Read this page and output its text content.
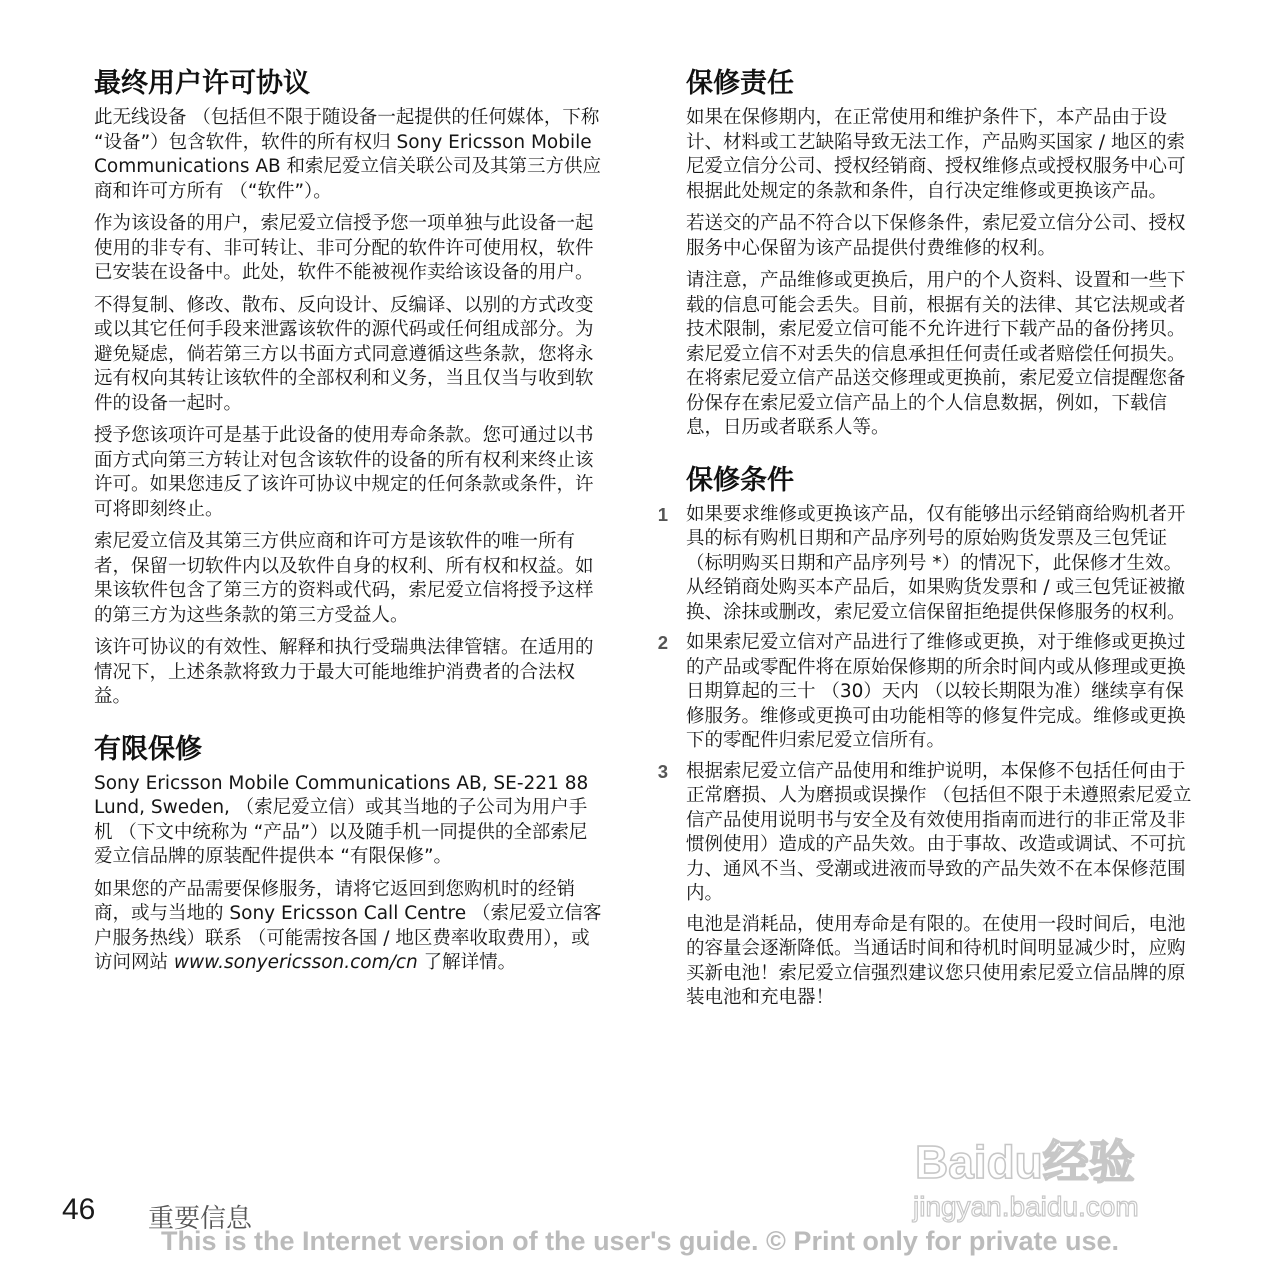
最终用户许可协议

此无线设备 （包括但不限于随设备一起提供的任何媒体，下称 “设备”）包含软件，软件的所有权归 Sony Ericsson Mobile Communications AB 和索尼爱立信关联公司及其第三方供应商和许可方所有 （“软件”）。

作为该设备的用户，索尼爱立信授予您一项单独与此设备一起使用的非专有、非可转让、非可分配的软件许可使用权，软件已安装在设备中。此处，软件不能被视作卖给该设备的用户。

不得复制、修改、散布、反向设计、反编译、以别的方式改变或以其它任何手段来泄露该软件的源代码或任何组成部分。为避免疑虑，倘若第三方以书面方式同意遵循这些条款，您将永远有权向其转让该软件的全部权利和义务，当且仅当与收到软件的设备一起时。

授予您该项许可是基于此设备的使用寿命条款。您可通过以书面方式向第三方转让对包含该软件的设备的所有权利来终止该许可。如果您违反了该许可协议中规定的任何条款或条件，许可将即刻终止。

索尼爱立信及其第三方供应商和许可方是该软件的唯一所有者，保留一切软件内以及软件自身的权利、所有权和权益。如果该软件包含了第三方的资料或代码，索尼爱立信将授予这样的第三方为这些条款的第三方受益人。

该许可协议的有效性、解释和执行受瑞典法律管辖。在适用的情况下，上述条款将致力于最大可能地维护消费者的合法权益。

有限保修

Sony Ericsson Mobile Communications AB, SE-221 88 Lund, Sweden, （索尼爱立信）或其当地的子公司为用户手机 （下文中统称为 “产品”）以及随手机一同提供的全部索尼爱立信品牌的原装配件提供本 “有限保修”。

如果您的产品需要保修服务，请将它返回到您购机时的经销商，或与当地的 Sony Ericsson Call Centre （索尼爱立信客户服务热线）联系 （可能需按各国 / 地区费率收取费用），或访问网站 www.sonyericsson.com/cn 了解详情。

保修责任

如果在保修期内，在正常使用和维护条件下，本产品由于设计、材料或工艺缺陷导致无法工作，产品购买国家 / 地区的索尼爱立信分公司、授权经销商、授权维修点或授权服务中心可根据此处规定的条款和条件，自行决定维修或更换该产品。

若送交的产品不符合以下保修条件，索尼爱立信分公司、授权服务中心保留为该产品提供付费维修的权利。

请注意，产品维修或更换后，用户的个人资料、设置和一些下载的信息可能会丢失。目前，根据有关的法律、其它法规或者技术限制，索尼爱立信可能不允许进行下载产品的备份拷贝。索尼爱立信不对丢失的信息承担任何责任或者赔偿任何损失。在将索尼爱立信产品送交修理或更换前，索尼爱立信提醒您备份保存在索尼爱立信产品上的个人信息数据，例如，下载信息，日历或者联系人等。

保修条件
1 如果要求维修或更换该产品，仅有能够出示经销商给购机者开具的标有购机日期和产品序列号的原始购货发票及三包凭证 （标明购买日期和产品序列号 *）的情况下，此保修才生效。从经销商处购买本产品后，如果购货发票和 / 或三包凭证被撤换、涂抹或删改，索尼爱立信保留拒绝提供保修服务的权利。
2 如果索尼爱立信对产品进行了维修或更换，对于维修或更换过的产品或零配件将在原始保修期的所余时间内或从修理或更换日期算起的三十 （30）天内 （以较长期限为准）继续享有保修服务。维修或更换可由功能相等的修复件完成。维修或更换下的零配件归索尼爱立信所有。
3 根据索尼爱立信产品使用和维护说明，本保修不包括任何由于正常磨损、人为磨损或误操作 （包括但不限于未遵照索尼爱立信产品使用说明书与安全及有效使用指南而进行的非正常及非惯例使用）造成的产品失效。由于事故、改造或调试、不可抗力、通风不当、受潮或进液而导致的产品失效不在本保修范围内。

电池是消耗品，使用寿命是有限的。在使用一段时间后，电池的容量会逐渐降低。当通话时间和待机时间明显减少时，应购买新电池！索尼爱立信强烈建议您只使用索尼爱立信品牌的原装电池和充电器！

46 重要信息
This is the Internet version of the user's guide. © Print only for private use.
Baidu经验
jingyan.baidu.com
